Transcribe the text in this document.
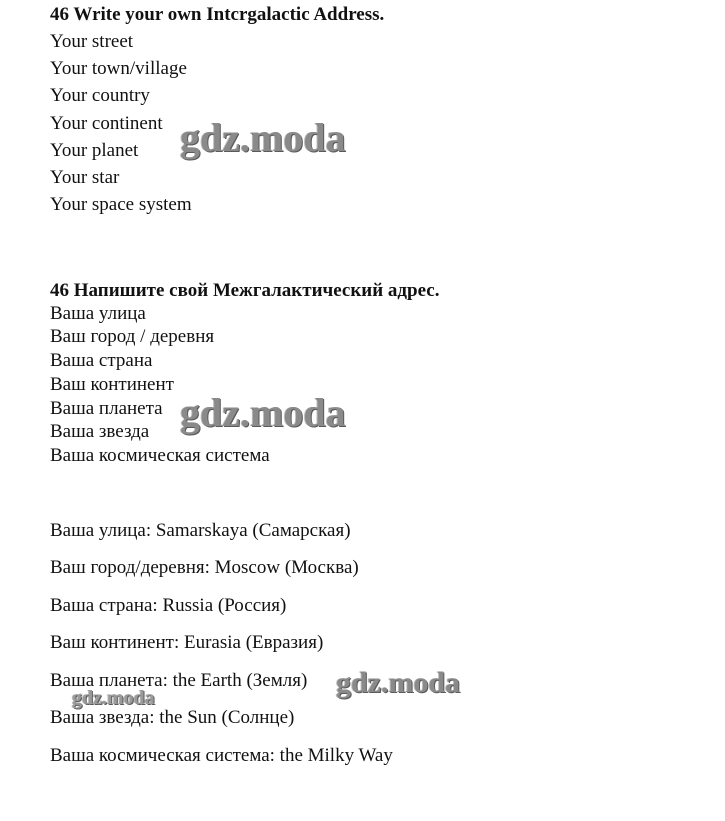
46 Write your own Intcrgalactic Address.
Your street
Your town/village
Your country
Your continent
Your planet
Your star
Your space system
gdz.moda
46 Напишите свой Межгалактический адрес.
Ваша улица
Ваш город / деревня
Ваша страна
Ваш континент
Ваша планета
Ваша звезда
Ваша космическая система
gdz.moda
Ваша улица: Samarskaya (Самарская)
Ваш город/деревня: Moscow (Москва)
Ваша страна: Russia (Россия)
Ваш континент: Eurasia (Евразия)
Ваша планета: the Earth (Земля)
Ваша звезда: the Sun (Солнце)
Ваша космическая система: the Milky Way
gdz.moda
gdz.moda
